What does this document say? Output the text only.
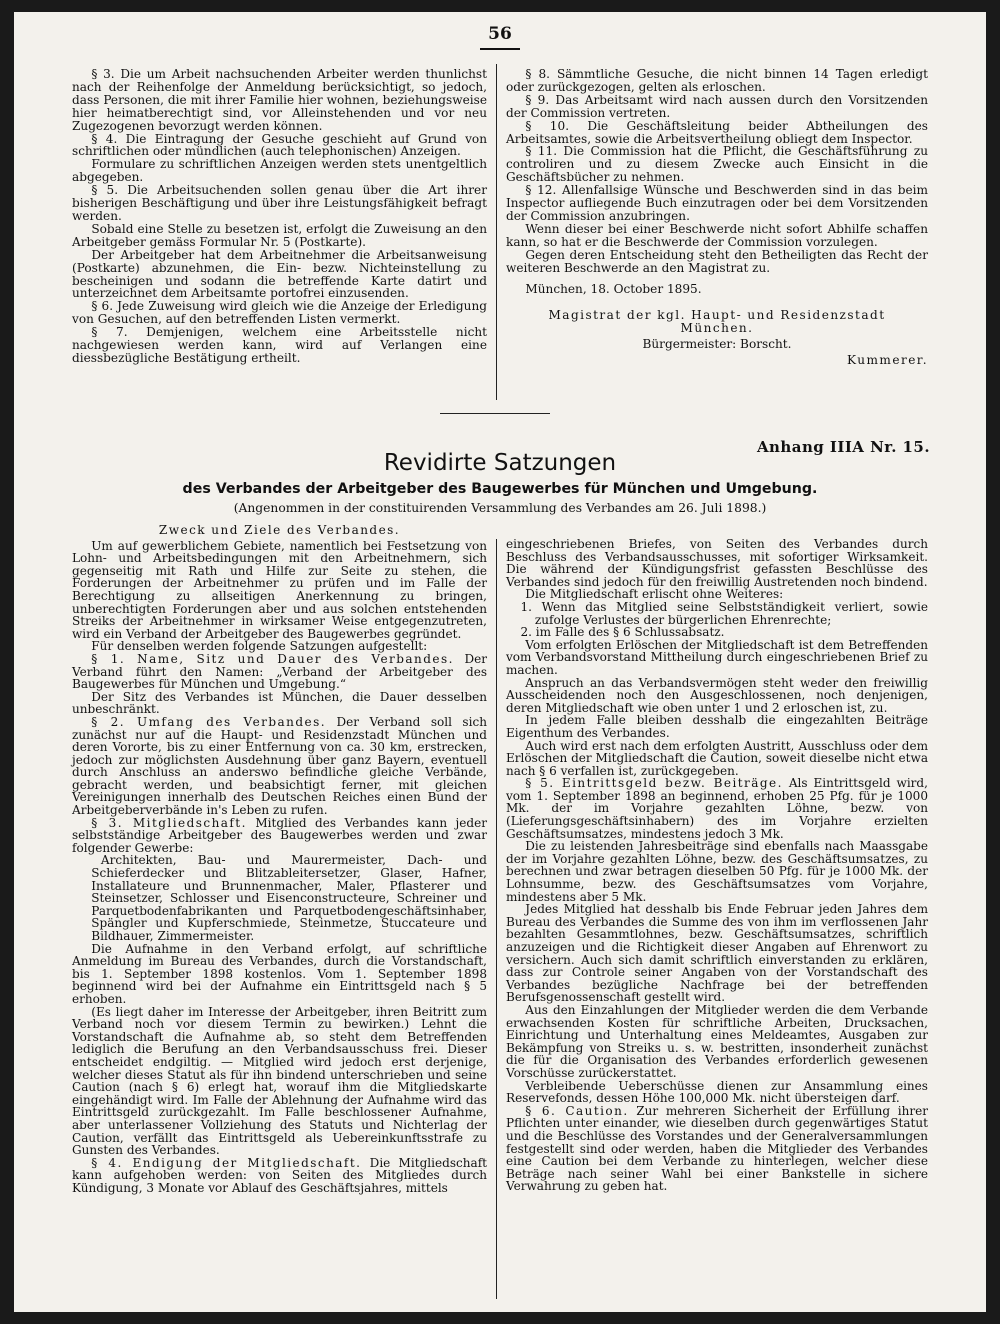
56

§ 3. Die um Arbeit nachsuchenden Arbeiter werden thunlichst nach der Reihenfolge der Anmeldung berücksichtigt, so jedoch, dass Personen, die mit ihrer Familie hier wohnen, beziehungsweise hier heimatberechtigt sind, vor Alleinstehenden und vor neu Zugezogenen bevorzugt werden können.

§ 4. Die Eintragung der Gesuche geschieht auf Grund von schriftlichen oder mündlichen (auch telephonischen) Anzeigen.

Formulare zu schriftlichen Anzeigen werden stets unentgeltlich abgegeben.

§ 5. Die Arbeitsuchenden sollen genau über die Art ihrer bisherigen Beschäftigung und über ihre Leistungsfähigkeit befragt werden.

Sobald eine Stelle zu besetzen ist, erfolgt die Zuweisung an den Arbeitgeber gemäss Formular Nr. 5 (Postkarte).

Der Arbeitgeber hat dem Arbeitnehmer die Arbeitsanweisung (Postkarte) abzunehmen, die Ein- bezw. Nichteinstellung zu bescheinigen und sodann die betreffende Karte datirt und unterzeichnet dem Arbeitsamte portofrei einzusenden.

§ 6. Jede Zuweisung wird gleich wie die Anzeige der Erledigung von Gesuchen, auf den betreffenden Listen vermerkt.

§ 7. Demjenigen, welchem eine Arbeitsstelle nicht nachgewiesen werden kann, wird auf Verlangen eine diessbezügliche Bestätigung ertheilt.

§ 8. Sämmtliche Gesuche, die nicht binnen 14 Tagen erledigt oder zurückgezogen, gelten als erloschen.

§ 9. Das Arbeitsamt wird nach aussen durch den Vorsitzenden der Commission vertreten.

§ 10. Die Geschäftsleitung beider Abtheilungen des Arbeitsamtes, sowie die Arbeitsvertheilung obliegt dem Inspector.

§ 11. Die Commission hat die Pflicht, die Geschäftsführung zu controliren und zu diesem Zwecke auch Einsicht in die Geschäftsbücher zu nehmen.

§ 12. Allenfallsige Wünsche und Beschwerden sind in das beim Inspector aufliegende Buch einzutragen oder bei dem Vorsitzenden der Commission anzubringen.

Wenn dieser bei einer Beschwerde nicht sofort Abhilfe schaffen kann, so hat er die Beschwerde der Commission vorzulegen.

Gegen deren Entscheidung steht den Betheiligten das Recht der weiteren Beschwerde an den Magistrat zu.

München, 18. October 1895.

Magistrat der kgl. Haupt- und Residenzstadt München.

Bürgermeister: Borscht.

Kummerer.

Anhang IIIA Nr. 15.
Revidirte Satzungen
des Verbandes der Arbeitgeber des Baugewerbes für München und Umgebung.
(Angenommen in der constituirenden Versammlung des Verbandes am 26. Juli 1898.)

Zweck und Ziele des Verbandes.

Um auf gewerblichem Gebiete, namentlich bei Festsetzung von Lohn- und Arbeitsbedingungen mit den Arbeitnehmern, sich gegenseitig mit Rath und Hilfe zur Seite zu stehen, die Forderungen der Arbeitnehmer zu prüfen und im Falle der Berechtigung zu allseitigen Anerkennung zu bringen, unberechtigten Forderungen aber und aus solchen entstehenden Streiks der Arbeitnehmer in wirksamer Weise entgegenzutreten, wird ein Verband der Arbeitgeber des Baugewerbes gegründet.

Für denselben werden folgende Satzungen aufgestellt:

§ 1. Name, Sitz und Dauer des Verbandes. Der Verband führt den Namen: „Verband der Arbeitgeber des Baugewerbes für München und Umgebung.“

Der Sitz des Verbandes ist München, die Dauer desselben unbeschränkt.

§ 2. Umfang des Verbandes. Der Verband soll sich zunächst nur auf die Haupt- und Residenzstadt München und deren Vororte, bis zu einer Entfernung von ca. 30 km, erstrecken, jedoch zur möglichsten Ausdehnung über ganz Bayern, eventuell durch Anschluss an anderswo befindliche gleiche Verbände, gebracht werden, und beabsichtigt ferner, mit gleichen Vereinigungen innerhalb des Deutschen Reiches einen Bund der Arbeitgeberverbände in's Leben zu rufen.

§ 3. Mitgliedschaft. Mitglied des Verbandes kann jeder selbstständige Arbeitgeber des Baugewerbes werden und zwar folgender Gewerbe:

Architekten, Bau- und Maurermeister, Dach- und Schieferdecker und Blitzableitersetzer, Glaser, Hafner, Installateure und Brunnenmacher, Maler, Pflasterer und Steinsetzer, Schlosser und Eisenconstructeure, Schreiner und Parquetbodenfabrikanten und Parquetbodengeschäftsinhaber, Spängler und Kupferschmiede, Steinmetze, Stuccateure und Bildhauer, Zimmermeister.

Die Aufnahme in den Verband erfolgt, auf schriftliche Anmeldung im Bureau des Verbandes, durch die Vorstandschaft, bis 1. September 1898 kostenlos. Vom 1. September 1898 beginnend wird bei der Aufnahme ein Eintrittsgeld nach § 5 erhoben.

(Es liegt daher im Interesse der Arbeitgeber, ihren Beitritt zum Verband noch vor diesem Termin zu bewirken.) Lehnt die Vorstandschaft die Aufnahme ab, so steht dem Betreffenden lediglich die Berufung an den Verbandsausschuss frei. Dieser entscheidet endgiltig. — Mitglied wird jedoch erst derjenige, welcher dieses Statut als für ihn bindend unterschrieben und seine Caution (nach § 6) erlegt hat, worauf ihm die Mitgliedskarte eingehändigt wird. Im Falle der Ablehnung der Aufnahme wird das Eintrittsgeld zurückgezahlt. Im Falle beschlossener Aufnahme, aber unterlassener Vollziehung des Statuts und Nichterlag der Caution, verfällt das Eintrittsgeld als Uebereinkunftsstrafe zu Gunsten des Verbandes.

§ 4. Endigung der Mitgliedschaft. Die Mitgliedschaft kann aufgehoben werden: von Seiten des Mitgliedes durch Kündigung, 3 Monate vor Ablauf des Geschäftsjahres, mittels

eingeschriebenen Briefes, von Seiten des Verbandes durch Beschluss des Verbandsausschusses, mit sofortiger Wirksamkeit. Die während der Kündigungsfrist gefassten Beschlüsse des Verbandes sind jedoch für den freiwillig Austretenden noch bindend.

Die Mitgliedschaft erlischt ohne Weiteres:

1. Wenn das Mitglied seine Selbstständigkeit verliert, sowie zufolge Verlustes der bürgerlichen Ehrenrechte;

2. im Falle des § 6 Schlussabsatz.

Vom erfolgten Erlöschen der Mitgliedschaft ist dem Betreffenden vom Verbandsvorstand Mittheilung durch eingeschriebenen Brief zu machen.

Anspruch an das Verbandsvermögen steht weder den freiwillig Ausscheidenden noch den Ausgeschlossenen, noch denjenigen, deren Mitgliedschaft wie oben unter 1 und 2 erloschen ist, zu.

In jedem Falle bleiben desshalb die eingezahlten Beiträge Eigenthum des Verbandes.

Auch wird erst nach dem erfolgten Austritt, Ausschluss oder dem Erlöschen der Mitgliedschaft die Caution, soweit dieselbe nicht etwa nach § 6 verfallen ist, zurückgegeben.

§ 5. Eintrittsgeld bezw. Beiträge. Als Eintrittsgeld wird, vom 1. September 1898 an beginnend, erhoben 25 Pfg. für je 1000 Mk. der im Vorjahre gezahlten Löhne, bezw. von (Lieferungsgeschäftsinhabern) des im Vorjahre erzielten Geschäftsumsatzes, mindestens jedoch 3 Mk.

Die zu leistenden Jahresbeiträge sind ebenfalls nach Maassgabe der im Vorjahre gezahlten Löhne, bezw. des Geschäftsumsatzes, zu berechnen und zwar betragen dieselben 50 Pfg. für je 1000 Mk. der Lohnsumme, bezw. des Geschäftsumsatzes vom Vorjahre, mindestens aber 5 Mk.

Jedes Mitglied hat desshalb bis Ende Februar jeden Jahres dem Bureau des Verbandes die Summe des von ihm im verflossenen Jahr bezahlten Gesammtlohnes, bezw. Geschäftsumsatzes, schriftlich anzuzeigen und die Richtigkeit dieser Angaben auf Ehrenwort zu versichern. Auch sich damit schriftlich einverstanden zu erklären, dass zur Controle seiner Angaben von der Vorstandschaft des Verbandes bezügliche Nachfrage bei der betreffenden Berufsgenossenschaft gestellt wird.

Aus den Einzahlungen der Mitglieder werden die dem Verbande erwachsenden Kosten für schriftliche Arbeiten, Drucksachen, Einrichtung und Unterhaltung eines Meldeamtes, Ausgaben zur Bekämpfung von Streiks u. s. w. bestritten, insonderheit zunächst die für die Organisation des Verbandes erforderlich gewesenen Vorschüsse zurückerstattet.

Verbleibende Ueberschüsse dienen zur Ansammlung eines Reservefonds, dessen Höhe 100,000 Mk. nicht übersteigen darf.

§ 6. Caution. Zur mehreren Sicherheit der Erfüllung ihrer Pflichten unter einander, wie dieselben durch gegenwärtiges Statut und die Beschlüsse des Vorstandes und der Generalversammlungen festgestellt sind oder werden, haben die Mitglieder des Verbandes eine Caution bei dem Verbande zu hinterlegen, welcher diese Beträge nach seiner Wahl bei einer Bankstelle in sichere Verwahrung zu geben hat.
